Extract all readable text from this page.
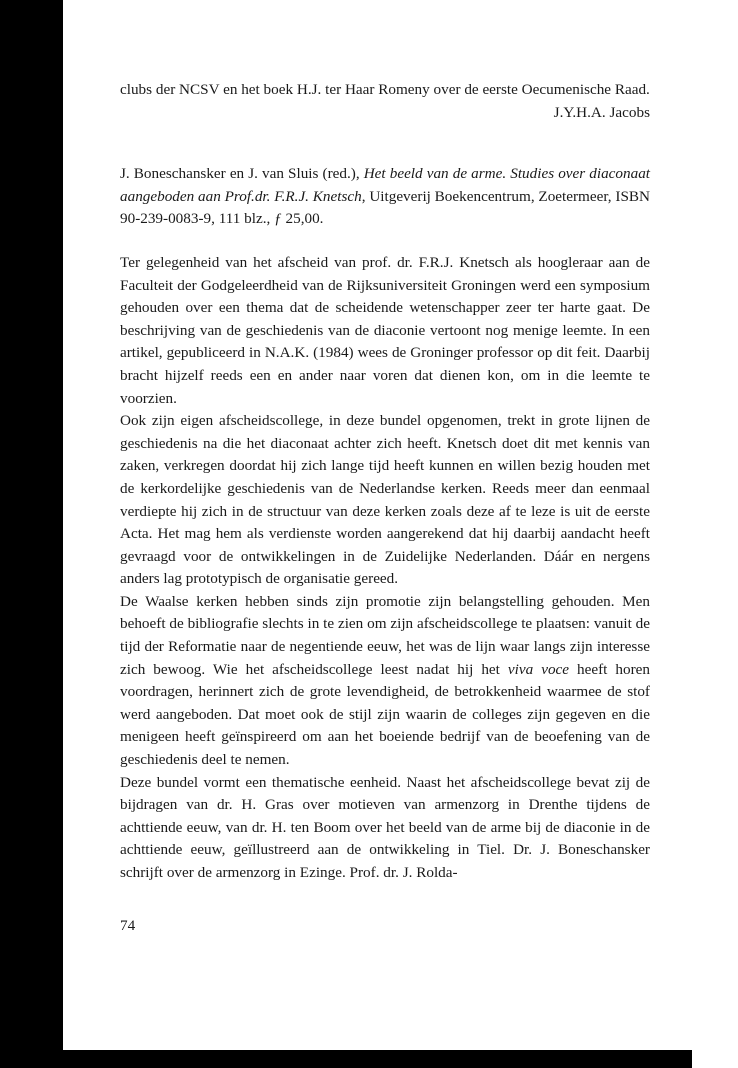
clubs der NCSV en het boek H.J. ter Haar Romeny over de eerste Oecumenische Raad.

J.Y.H.A. Jacobs

J. Boneschansker en J. van Sluis (red.), Het beeld van de arme. Studies over diaconaat aangeboden aan Prof.dr. F.R.J. Knetsch, Uitgeverij Boekencentrum, Zoetermeer, ISBN 90-239-0083-9, 111 blz., ƒ 25,00.

Ter gelegenheid van het afscheid van prof. dr. F.R.J. Knetsch als hoogleraar aan de Faculteit der Godgeleerdheid van de Rijksuniversiteit Groningen werd een symposium gehouden over een thema dat de scheidende wetenschapper zeer ter harte gaat. De beschrijving van de geschiedenis van de diaconie vertoont nog menige leemte. In een artikel, gepubliceerd in N.A.K. (1984) wees de Groninger professor op dit feit. Daarbij bracht hijzelf reeds een en ander naar voren dat dienen kon, om in die leemte te voorzien.

Ook zijn eigen afscheidscollege, in deze bundel opgenomen, trekt in grote lijnen de geschiedenis na die het diaconaat achter zich heeft. Knetsch doet dit met kennis van zaken, verkregen doordat hij zich lange tijd heeft kunnen en willen bezig houden met de kerkordelijke geschiedenis van de Nederlandse kerken. Reeds meer dan eenmaal verdiepte hij zich in de structuur van deze kerken zoals deze af te leze is uit de eerste Acta. Het mag hem als verdienste worden aangerekend dat hij daarbij aandacht heeft gevraagd voor de ontwikkelingen in de Zuidelijke Nederlanden. Dáár en nergens anders lag prototypisch de organisatie gereed.

De Waalse kerken hebben sinds zijn promotie zijn belangstelling gehouden. Men behoeft de bibliografie slechts in te zien om zijn afscheidscollege te plaatsen: vanuit de tijd der Reformatie naar de negentiende eeuw, het was de lijn waar langs zijn interesse zich bewoog. Wie het afscheidscollege leest nadat hij het viva voce heeft horen voordragen, herinnert zich de grote levendigheid, de betrokkenheid waarmee de stof werd aangeboden. Dat moet ook de stijl zijn waarin de colleges zijn gegeven en die menigeen heeft geïnspireerd om aan het boeiende bedrijf van de beoefening van de geschiedenis deel te nemen.

Deze bundel vormt een thematische eenheid. Naast het afscheidscollege bevat zij de bijdragen van dr. H. Gras over motieven van armenzorg in Drenthe tijdens de achttiende eeuw, van dr. H. ten Boom over het beeld van de arme bij de diaconie in de achttiende eeuw, geïllustreerd aan de ontwikkeling in Tiel. Dr. J. Boneschansker schrijft over de armenzorg in Ezinge. Prof. dr. J. Rolda-

74
